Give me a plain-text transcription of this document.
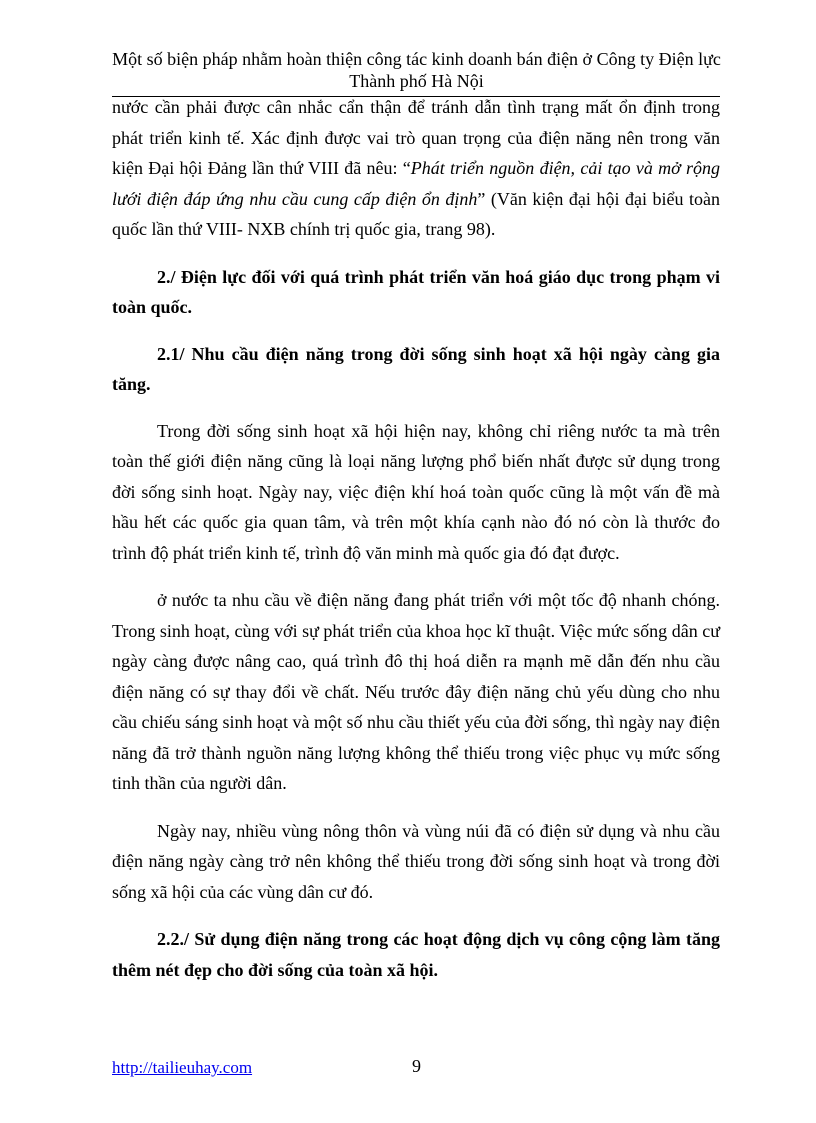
Một số biện pháp nhằm hoàn thiện công tác kinh doanh bán điện ở Công ty Điện lực Thành phố Hà Nội

nước cần phải được cân nhắc cẩn thận để tránh dẫn tình trạng mất ổn định trong phát triển kinh tế. Xác định được vai trò quan trọng của điện năng nên trong văn kiện Đại hội Đảng lần thứ VIII đã nêu: “Phát triển nguồn điện, cải tạo và mở rộng lưới điện đáp ứng nhu cầu cung cấp điện ổn định” (Văn kiện đại hội đại biểu toàn quốc lần thứ VIII- NXB chính trị quốc gia, trang 98).

2./ Điện lực đối với quá trình phát triển văn hoá giáo dục trong phạm vi toàn quốc.
2.1/ Nhu cầu điện năng trong đời sống sinh hoạt xã hội ngày càng gia tăng.

Trong đời sống sinh hoạt xã hội hiện nay, không chỉ riêng nước ta mà trên toàn thế giới điện năng cũng là loại năng lượng phổ biến nhất được sử dụng trong đời sống sinh hoạt. Ngày nay, việc điện khí hoá toàn quốc cũng là một vấn đề mà hầu hết các quốc gia quan tâm, và trên một khía cạnh nào đó nó còn là thước đo trình độ phát triển kinh tế, trình độ văn minh mà quốc gia đó đạt được.

ở nước ta nhu cầu về điện năng đang phát triển với một tốc độ nhanh chóng. Trong sinh hoạt, cùng với sự phát triển của khoa học kĩ thuật. Việc mức sống dân cư ngày càng được nâng cao, quá trình đô thị hoá diễn ra mạnh mẽ dẫn đến nhu cầu điện năng có sự thay đổi về chất. Nếu trước đây điện năng chủ yếu dùng cho nhu cầu chiếu sáng sinh hoạt và một số nhu cầu thiết yếu của đời sống, thì ngày nay điện năng đã trở thành nguồn năng lượng không thể thiếu trong việc phục vụ mức sống tinh thần của người dân.

Ngày nay, nhiều vùng nông thôn và vùng núi đã có điện sử dụng và nhu cầu điện năng ngày càng trở nên không thể thiếu trong đời sống sinh hoạt và trong đời sống xã hội của các vùng dân cư đó.

2.2./ Sử dụng điện năng trong các hoạt động dịch vụ công cộng làm tăng thêm nét đẹp cho đời sống của toàn xã hội.
http://tailieuhay.com	9
